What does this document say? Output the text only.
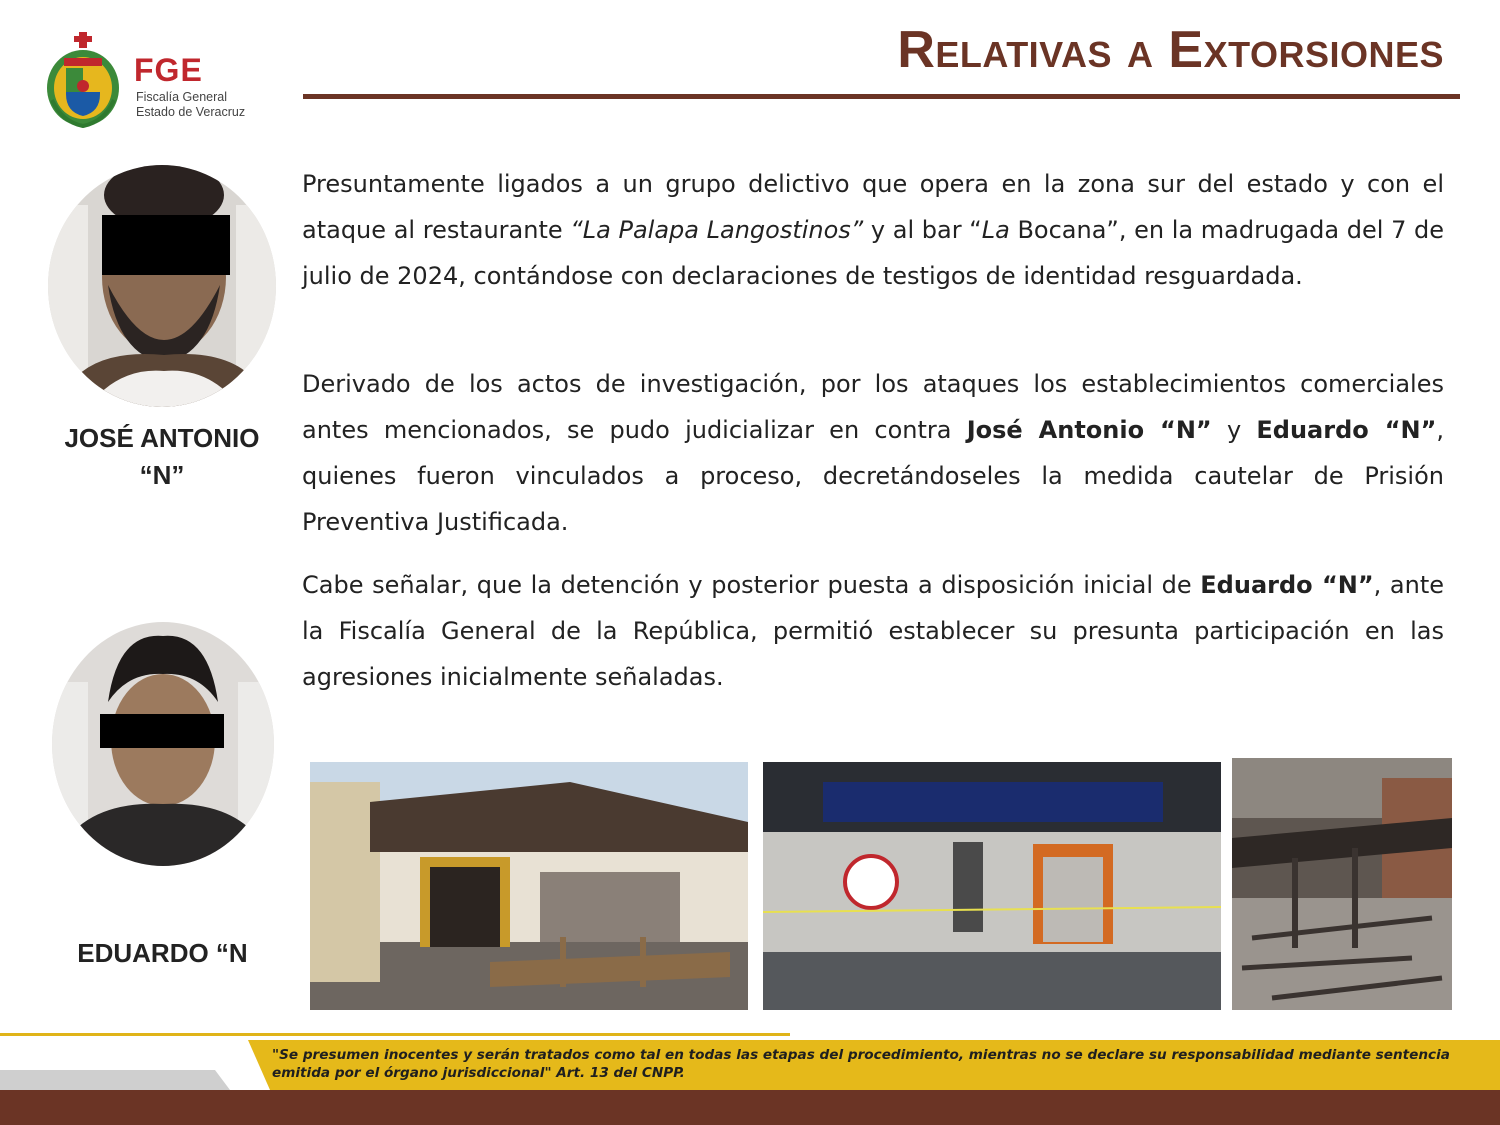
FGE
Fiscalía General
Estado de Veracruz
Relativas a Extorsiones
JOSÉ ANTONIO “N”
EDUARDO “N

Presuntamente ligados a un grupo delictivo que opera en la zona sur del estado y con el ataque al restaurante “La Palapa Langostinos” y al bar “La Bocana”, en la madrugada del 7 de julio de 2024, contándose con declaraciones de testigos de identidad resguardada.

Derivado de los actos de investigación, por los ataques los establecimientos comerciales antes mencionados, se pudo judicializar en contra José Antonio “N” y Eduardo “N”, quienes fueron vinculados a proceso, decretándoseles la medida cautelar de Prisión Preventiva Justificada.

Cabe señalar, que la detención y posterior puesta a disposición inicial de Eduardo “N”, ante la Fiscalía General de la República, permitió establecer su presunta participación en las agresiones inicialmente señaladas.

"Se presumen inocentes y serán tratados como tal en todas las etapas del procedimiento, mientras no se declare su responsabilidad mediante sentencia emitida por el órgano jurisdiccional" Art. 13 del CNPP.
